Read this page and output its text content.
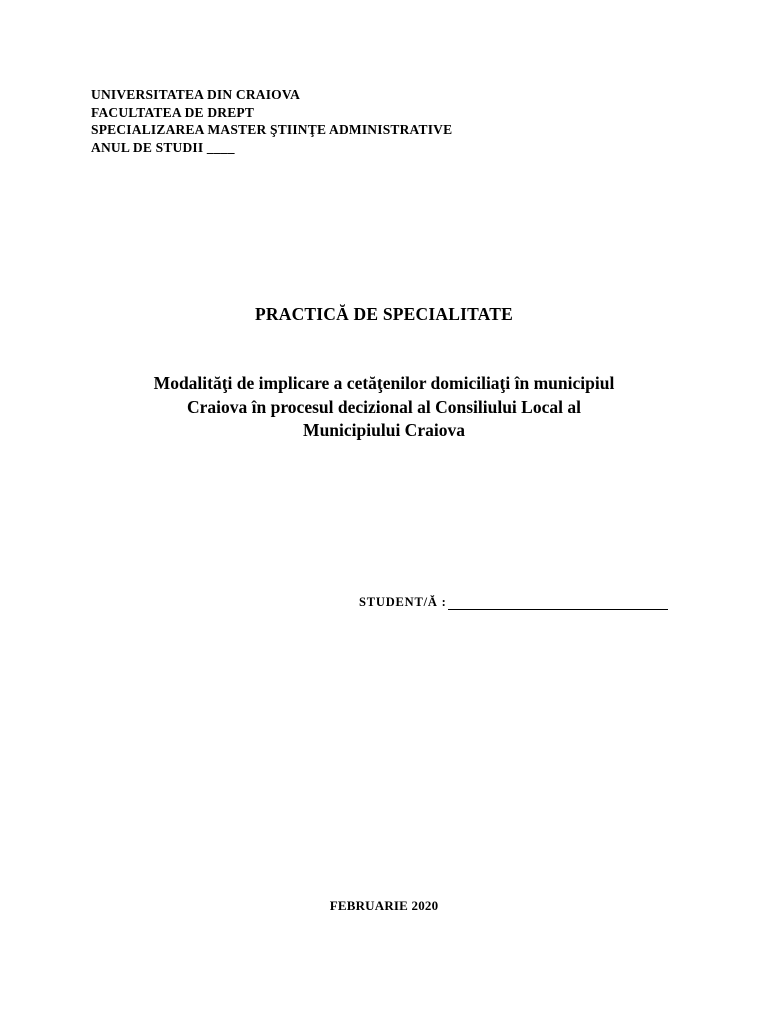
UNIVERSITATEA DIN CRAIOVA
FACULTATEA DE DREPT
SPECIALIZAREA MASTER ŞTIINŢE ADMINISTRATIVE
ANUL DE STUDII ____
PRACTICĂ DE SPECIALITATE
Modalităţi de implicare a cetăţenilor domiciliaţi în municipiul
Craiova în procesul decizional al Consiliului Local al
Municipiului Craiova
STUDENT/Ă :
FEBRUARIE 2020
